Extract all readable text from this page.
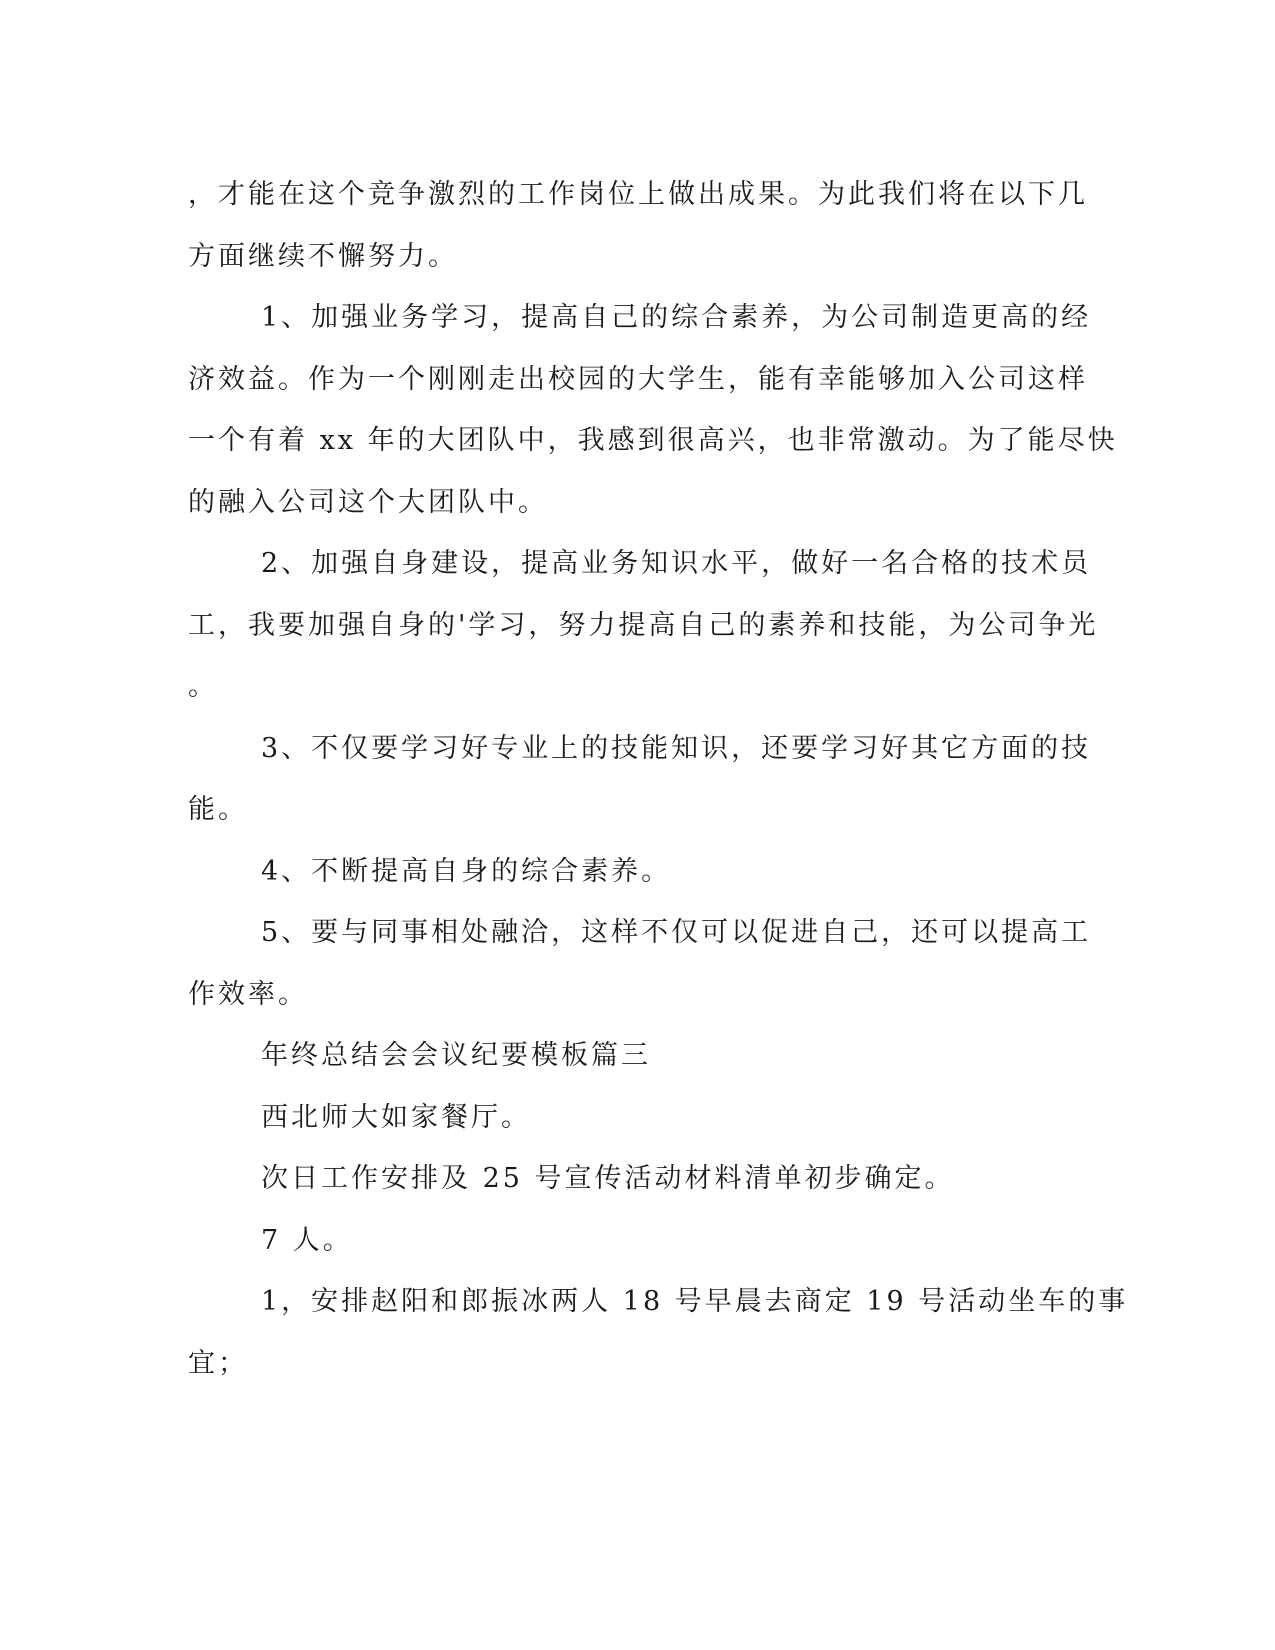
，才能在这个竞争激烈的工作岗位上做出成果。为此我们将在以下几
方面继续不懈努力。
1、加强业务学习，提高自己的综合素养，为公司制造更高的经
济效益。作为一个刚刚走出校园的大学生，能有幸能够加入公司这样
一个有着 xx 年的大团队中，我感到很高兴，也非常激动。为了能尽快
的融入公司这个大团队中。
2、加强自身建设，提高业务知识水平，做好一名合格的技术员
工，我要加强自身的'学习，努力提高自己的素养和技能，为公司争光
。
3、不仅要学习好专业上的技能知识，还要学习好其它方面的技
能。
4、不断提高自身的综合素养。
5、要与同事相处融洽，这样不仅可以促进自己，还可以提高工
作效率。
年终总结会会议纪要模板篇三
西北师大如家餐厅。
次日工作安排及 25 号宣传活动材料清单初步确定。
7 人。
1，安排赵阳和郎振冰两人 18 号早晨去商定 19 号活动坐车的事
宜；
